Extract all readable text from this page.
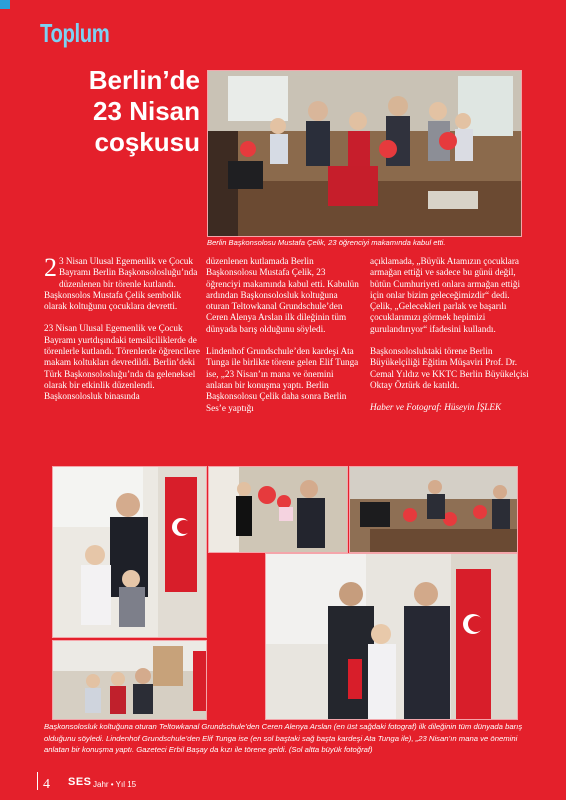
Toplum
Berlin’de
23 Nisan
coşkusu
Berlin Başkonsolosu Mustafa Çelik, 23 öğrenciyi makamında kabul etti.

2 3 Nisan Ulusal Egemenlik ve Çocuk Bayramı Berlin Başkonsolosluğu’nda düzenlenen bir törenle kutlandı. Başkonsolos Mustafa Çelik sembolik olarak koltuğunu çocuklara devretti.

23 Nisan Ulusal Egemenlik ve Çocuk Bayramı yurtdışındaki temsilciliklerde de törenlerle kutlandı. Törenlerde öğrencilere makam koltukları devredildi. Berlin’deki Türk Başkonsolosluğu’nda da geleneksel olarak bir etkinlik düzenlendi. Başkonsolosluk binasında

düzenlenen kutlamada Berlin Başkonsolosu Mustafa Çelik, 23 öğrenciyi makamında kabul etti. Kabulün ardından Başkonsolosluk koltuğuna oturan Teltowkanal Grundschule’den Ceren Alenya Arslan ilk dileğinin tüm dünyada barış olduğunu söyledi.

Lindenhof Grundschule’den kardeşi Ata Tunga ile birlikte törene gelen Elif Tunga ise, „23 Nisan’ın mana ve önemini anlatan bir konuşma yaptı. Berlin Başkonsolosu Çelik daha sonra Berlin Ses’e yaptığı

açıklamada, „Büyük Atamızın çocuklara armağan ettiği ve sadece bu günü değil, bütün Cumhuriyeti onlara armağan ettiği için onlar bizim geleceğimizdir“ dedi. Çelik, „Gelecekleri parlak ve başarılı çocuklarımızı görmek hepimizi gurulandırıyor“ ifadesini kullandı.

Başkonsolosluktaki törene Berlin Büyükelçiliği Eğitim Müşaviri Prof. Dr. Cemal Yıldız ve KKTC Berlin Büyükelçisi Oktay Öztürk de katıldı.

Haber ve Fotograf: Hüseyin İŞLEK

Başkonsolosluk koltuğuna oturan Teltowkanal Grundschule’den Ceren Alenya Arslan (en üst sağdaki fotograf) ilk dileğinin tüm dünyada barış olduğunu söyledi. Lindenhof Grundschule’den Elif Tunga ise (en sol baştaki sağ başta kardeşi Ata Tunga ile), „23 Nisan’ın mana ve önemini anlatan bir konuşma yaptı. Gazeteci Erbil Başay da kızı ile törene geldi. (Sol altta büyük fotoğraf)
4 SES Jahr • Yıl 15
